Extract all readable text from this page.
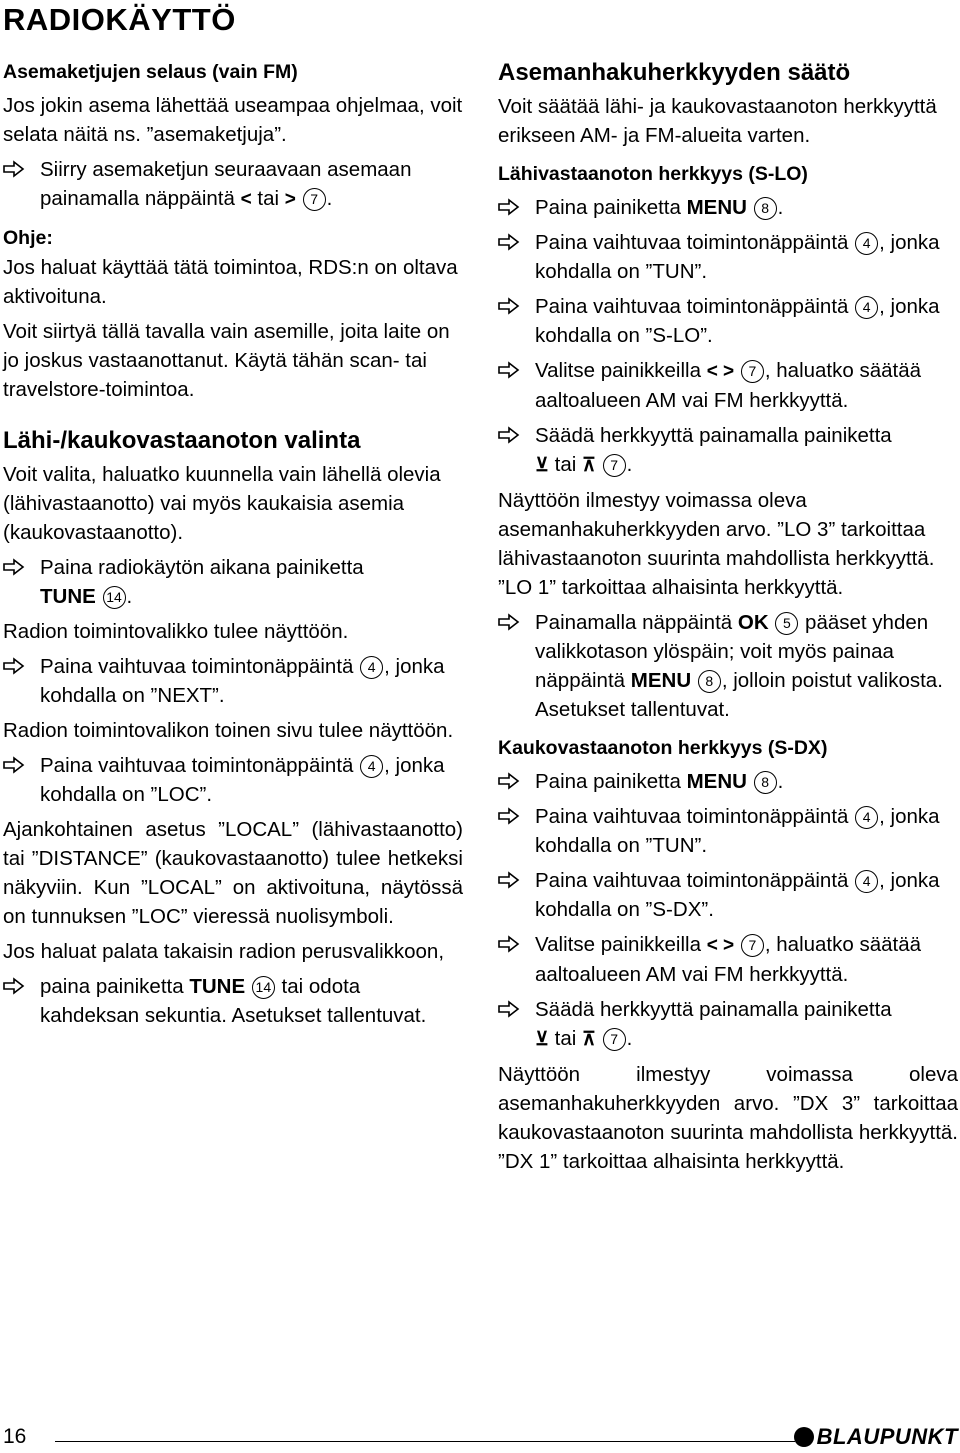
RADIOKÄYTTÖ
Asemaketjujen selaus (vain FM)
Jos jokin asema lähettää useampaa ohjelmaa, voit selata näitä ns. ”asemaketjuja”.
Siirry asemaketjun seuraavaan asemaan painamalla näppäintä < tai > 7 .
Ohje:
Jos haluat käyttää tätä toimintoa, RDS:n on oltava aktivoituna.
Voit siirtyä tällä tavalla vain asemille, joita laite on jo joskus vastaanottanut. Käytä tähän scan- tai travelstore-toimintoa.
Lähi-/kaukovastaanoton valinta
Voit valita, haluatko kuunnella vain lähellä olevia (lähivastaanotto) vai myös kaukaisia asemia (kaukovastaanotto).
Paina radiokäytön aikana painiketta
TUNE 14 .
Radion toimintovalikko tulee näyttöön.
Paina vaihtuvaa toimintonäppäintä 4 , jonka kohdalla on ”NEXT”.
Radion toimintovalikon toinen sivu tulee näyttöön.
Paina vaihtuvaa toimintonäppäintä 4 , jonka kohdalla on ”LOC”.
Ajankohtainen asetus ”LOCAL” (lähivastaanotto) tai ”DISTANCE” (kaukovastaanotto) tulee hetkeksi näkyviin. Kun ”LOCAL” on aktivoituna, näytössä on tunnuksen ”LOC” vieressä nuolisymboli.
Jos haluat palata takaisin radion perusvalikkoon,
paina painiketta TUNE 14 tai odota kahdeksan sekuntia. Asetukset tallentuvat.
Asemanhakuherkkyyden säätö
Voit säätää lähi- ja kaukovastaanoton herkkyyttä erikseen AM- ja FM-alueita varten.
Lähivastaanoton herkkyys (S-LO)
Paina painiketta MENU 8 .
Paina vaihtuvaa toimintonäppäintä 4 , jonka kohdalla on ”TUN”.
Paina vaihtuvaa toimintonäppäintä 4 , jonka kohdalla on ”S-LO”.
Valitse painikkeilla < > 7 , haluatko säätää aaltoalueen AM vai FM herkkyyttä.
Säädä herkkyyttä painamalla painiketta
⊻ tai ⊼ 7 .
Näyttöön ilmestyy voimassa oleva asemanhakuherkkyyden arvo. ”LO 3” tarkoittaa lähivastaanoton suurinta mahdollista herkkyyttä. ”LO 1” tarkoittaa alhaisinta herkkyyttä.
Painamalla näppäintä OK 5 pääset yhden valikkotason ylöspäin; voit myös painaa näppäintä MENU 8 , jolloin poistut valikosta. Asetukset tallentuvat.
Kaukovastaanoton herkkyys (S-DX)
Paina painiketta MENU 8 .
Paina vaihtuvaa toimintonäppäintä 4 , jonka kohdalla on ”TUN”.
Paina vaihtuvaa toimintonäppäintä 4 , jonka kohdalla on ”S-DX”.
Valitse painikkeilla < > 7 , haluatko säätää aaltoalueen AM vai FM herkkyyttä.
Säädä herkkyyttä painamalla painiketta
⊻ tai ⊼ 7 .
Näyttöön ilmestyy voimassa oleva asemanhakuherkkyyden arvo. ”DX 3” tarkoittaa kaukovastaanoton suurinta mahdollista herkkyyttä. ”DX 1” tarkoittaa alhaisinta herkkyyttä.
16	BLAUPUNKT
